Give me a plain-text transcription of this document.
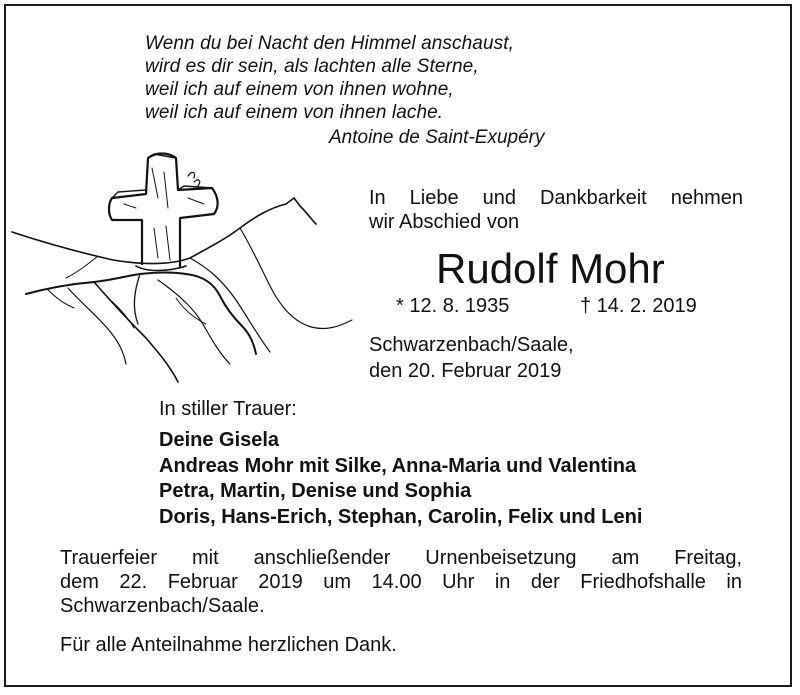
Wenn du bei Nacht den Himmel anschaust,
wird es dir sein, als lachten alle Sterne,
weil ich auf einem von ihnen wohne,
weil ich auf einem von ihnen lache.
Antoine de Saint-Exupéry
In Liebe und Dankbarkeit nehmen
wir Abschied von
Rudolf Mohr
* 12. 8. 1935	† 14. 2. 2019
Schwarzenbach/Saale,
den 20. Februar 2019
In stiller Trauer:
Deine Gisela
Andreas Mohr mit Silke, Anna-Maria und Valentina
Petra, Martin, Denise und Sophia
Doris, Hans-Erich, Stephan, Carolin, Felix und Leni
Trauerfeier mit anschließender Urnenbeisetzung am Freitag,
dem 22. Februar 2019 um 14.00 Uhr in der Friedhofshalle in
Schwarzenbach/Saale.
Für alle Anteilnahme herzlichen Dank.
